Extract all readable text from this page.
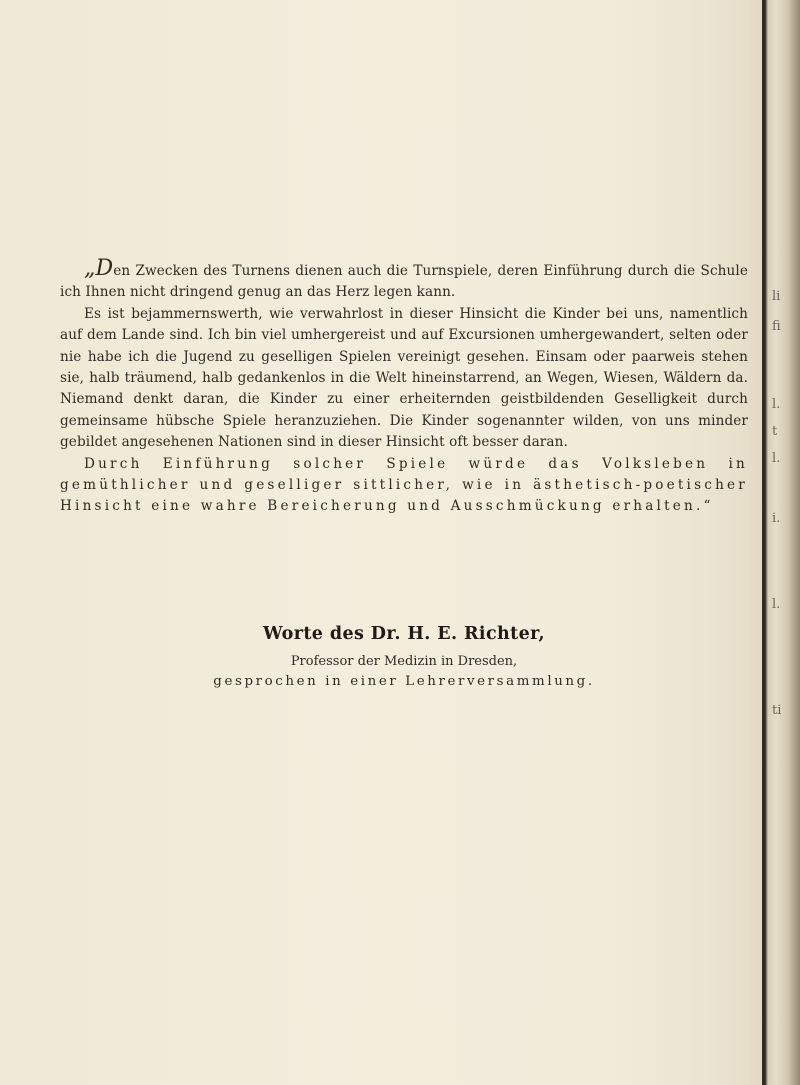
„Den Zwecken des Turnens dienen auch die Turnspiele, deren Einführung durch die Schule ich Ihnen nicht dringend genug an das Herz legen kann.

Es ist bejammernswerth, wie verwahrlost in dieser Hinsicht die Kinder bei uns, namentlich auf dem Lande sind. Ich bin viel umhergereist und auf Excursionen umhergewandert, selten oder nie habe ich die Jugend zu geselligen Spielen vereinigt gesehen. Einsam oder paarweis stehen sie, halb träumend, halb gedankenlos in die Welt hineinstarrend, an Wegen, Wiesen, Wäldern da. Niemand denkt daran, die Kinder zu einer erheiternden geistbildenden Geselligkeit durch gemeinsame hübsche Spiele heranzuziehen. Die Kinder sogenannter wilden, von uns minder gebildet angesehenen Nationen sind in dieser Hinsicht oft besser daran.

Durch Einführung solcher Spiele würde das Volksleben in gemüthlicher und geselliger sittlicher, wie in ästhetisch-poetischer Hinsicht eine wahre Bereicherung und Ausschmückung erhalten.“

Worte des Dr. H. E. Richter,

Professor der Medizin in Dresden,

gesprochen in einer Lehrerversammlung.

li
fi
l.
t
l.
i.
l.
ti
